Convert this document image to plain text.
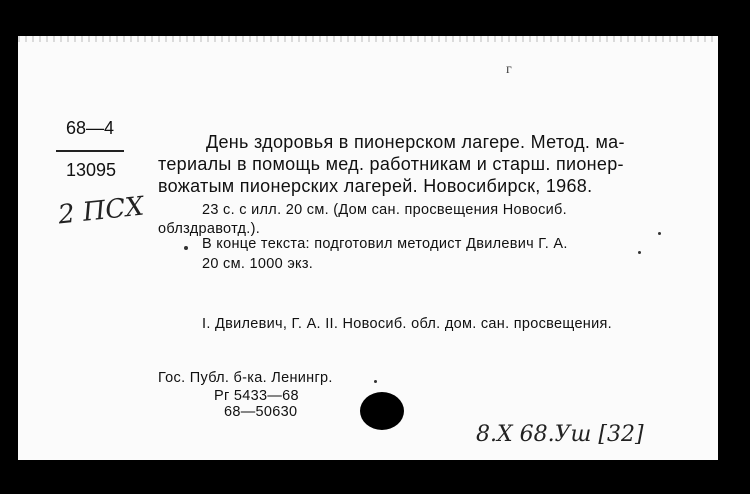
68—4
13095
2 ПСХ
г
День здоровья в пионерском лагере. Метод. ма-
териалы в помощь мед. работникам и старш. пионер-
вожатым пионерских лагерей. Новосибирск, 1968.
23 с. с илл. 20 см. (Дом сан. просвещения Новосиб.
облздравотд.).
В конце текста: подготовил методист Двилевич Г. А.
20 см. 1000 экз.
I. Двилевич, Г. А. II. Новосиб. обл. дом. сан. просвещения.
Гос. Публ. б-ка. Ленингр.
Рг 5433—68
68—50630
8.Х 68.Уш [32]
